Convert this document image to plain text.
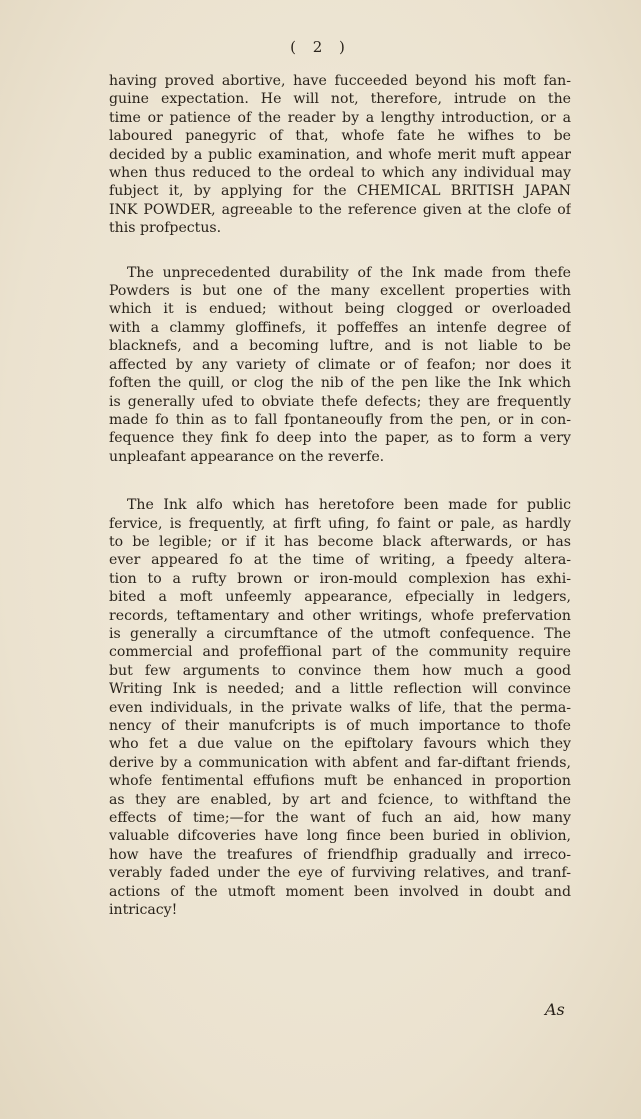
( 2 )

having proved abortive, have fucceeded beyond his moft fan-

guine expectation. He will not, therefore, intrude on the

time or patience of the reader by a lengthy introduction, or a

laboured panegyric of that, whofe fate he wifhes to be

decided by a public examination, and whofe merit muft appear

when thus reduced to the ordeal to which any individual may

fubject it, by applying for the CHEMICAL BRITISH JAPAN

INK POWDER, agreeable to the reference given at the clofe of

this profpectus.

The unprecedented durability of the Ink made from thefe

Powders is but one of the many excellent properties with

which it is endued; without being clogged or overloaded

with a clammy gloffinefs, it poffeffes an intenfe degree of

blacknefs, and a becoming luftre, and is not liable to be

affected by any variety of climate or of feafon; nor does it

foften the quill, or clog the nib of the pen like the Ink which

is generally ufed to obviate thefe defects; they are frequently

made fo thin as to fall fpontaneoufly from the pen, or in con-

fequence they fink fo deep into the paper, as to form a very

unpleafant appearance on the reverfe.

The Ink alfo which has heretofore been made for public

fervice, is frequently, at firft ufing, fo faint or pale, as hardly

to be legible; or if it has become black afterwards, or has

ever appeared fo at the time of writing, a fpeedy altera-

tion to a rufty brown or iron-mould complexion has exhi-

bited a moft unfeemly appearance, efpecially in ledgers,

records, teftamentary and other writings, whofe prefervation

is generally a circumftance of the utmoft confequence. The

commercial and profeffional part of the community require

but few arguments to convince them how much a good

Writing Ink is needed; and a little reflection will convince

even individuals, in the private walks of life, that the perma-

nency of their manufcripts is of much importance to thofe

who fet a due value on the epiftolary favours which they

derive by a communication with abfent and far-diftant friends,

whofe fentimental effufions muft be enhanced in proportion

as they are enabled, by art and fcience, to withftand the

effects of time;—for the want of fuch an aid, how many

valuable difcoveries have long fince been buried in oblivion,

how have the treafures of friendfhip gradually and irreco-

verably faded under the eye of furviving relatives, and tranf-

actions of the utmoft moment been involved in doubt and

intricacy!

As
